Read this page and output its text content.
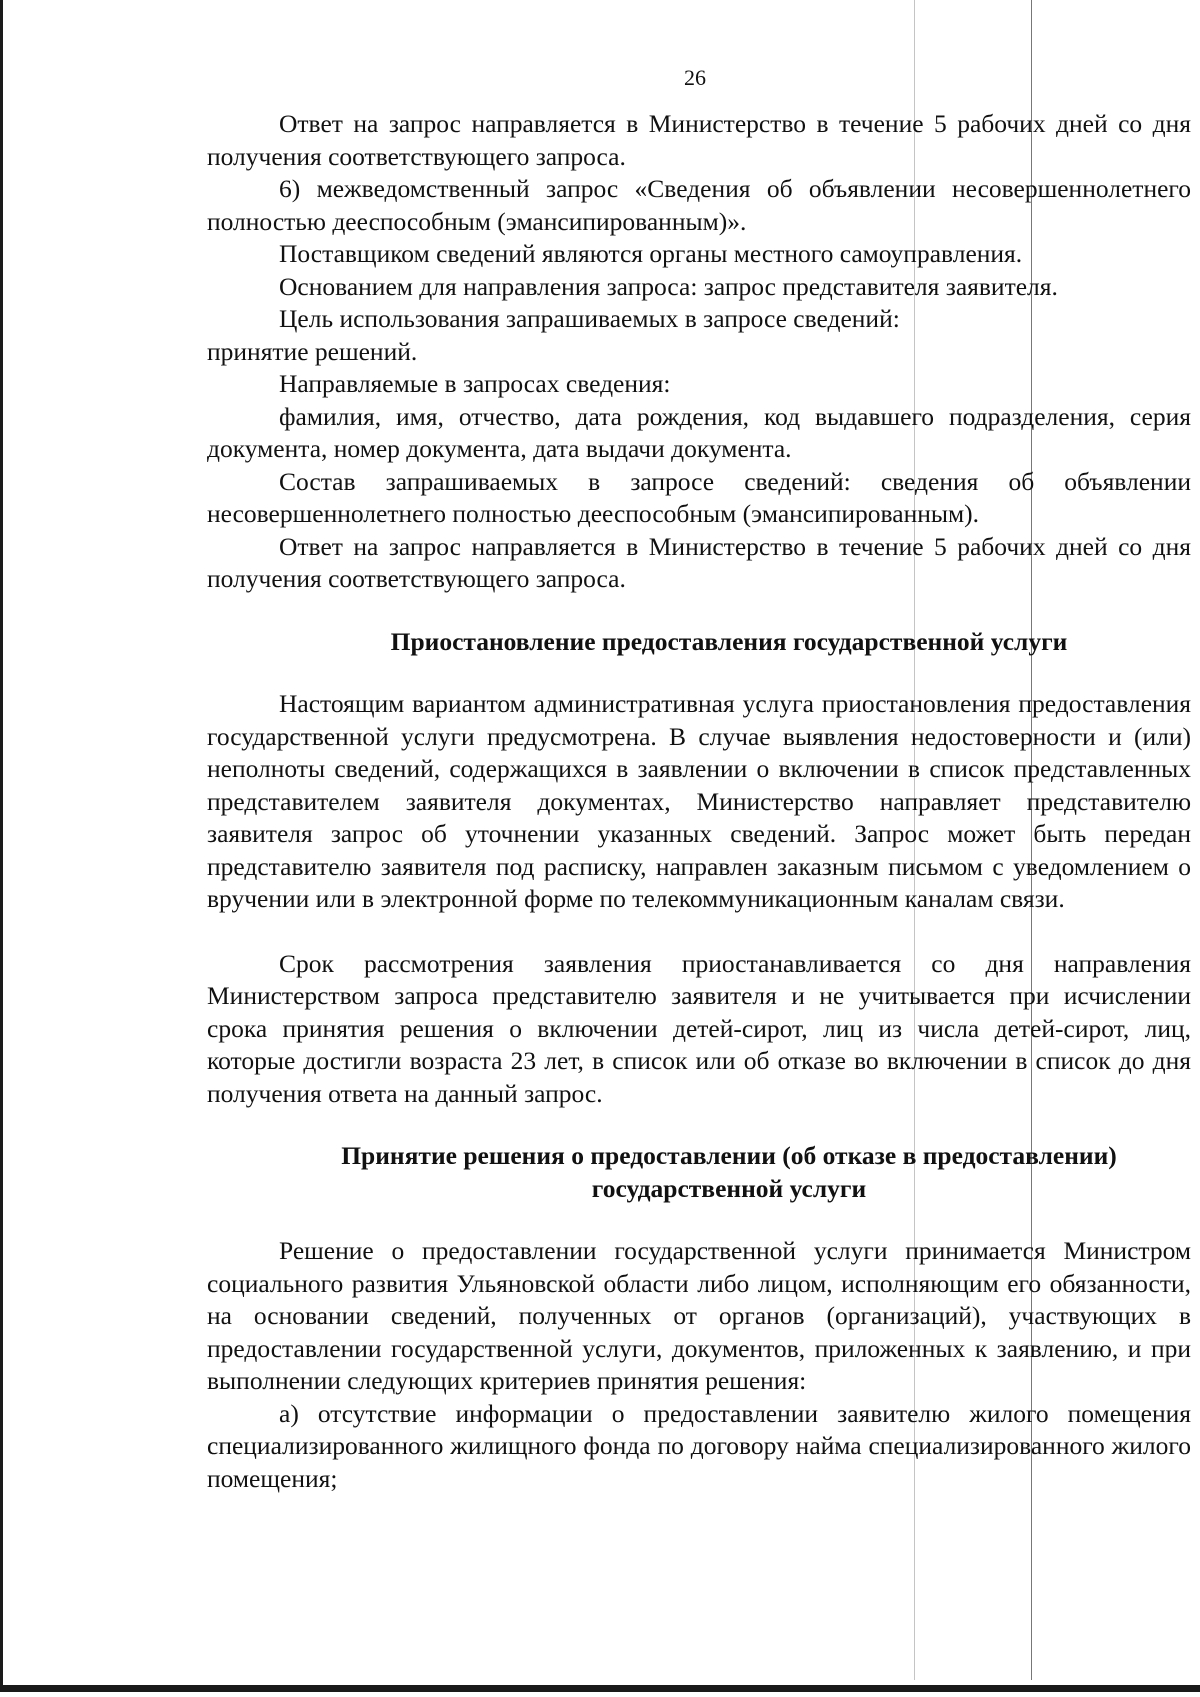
26

Ответ на запрос направляется в Министерство в течение 5 рабочих дней со дня получения соответствующего запроса.

6) межведомственный запрос «Сведения об объявлении несовершеннолетнего полностью дееспособным (эмансипированным)».

Поставщиком сведений являются органы местного самоуправления.

Основанием для направления запроса: запрос представителя заявителя.

Цель использования запрашиваемых в запросе сведений:

принятие решений.

Направляемые в запросах сведения:

фамилия, имя, отчество, дата рождения, код выдавшего подразделения, серия документа, номер документа, дата выдачи документа.

Состав запрашиваемых в запросе сведений: сведения об объявлении несовершеннолетнего полностью дееспособным (эмансипированным).

Ответ на запрос направляется в Министерство в течение 5 рабочих дней со дня получения соответствующего запроса.

Приостановление предоставления государственной услуги

Настоящим вариантом административная услуга приостановления предоставления государственной услуги предусмотрена. В случае выявления недостоверности и (или) неполноты сведений, содержащихся в заявлении о включении в список представленных представителем заявителя документах, Министерство направляет представителю заявителя запрос об уточнении указанных сведений. Запрос может быть передан представителю заявителя под расписку, направлен заказным письмом с уведомлением о вручении или в электронной форме по телекоммуникационным каналам связи.

Срок рассмотрения заявления приостанавливается со дня направления Министерством запроса представителю заявителя и не учитывается при исчислении срока принятия решения о включении детей-сирот, лиц из числа детей-сирот, лиц, которые достигли возраста 23 лет, в список или об отказе во включении в список до дня получения ответа на данный запрос.

Принятие решения о предоставлении (об отказе в предоставлении) государственной услуги

Решение о предоставлении государственной услуги принимается Министром социального развития Ульяновской области либо лицом, исполняющим его обязанности, на основании сведений, полученных от органов (организаций), участвующих в предоставлении государственной услуги, документов, приложенных к заявлению, и при выполнении следующих критериев принятия решения:

а) отсутствие информации о предоставлении заявителю жилого помещения специализированного жилищного фонда по договору найма специализированного жилого помещения;
